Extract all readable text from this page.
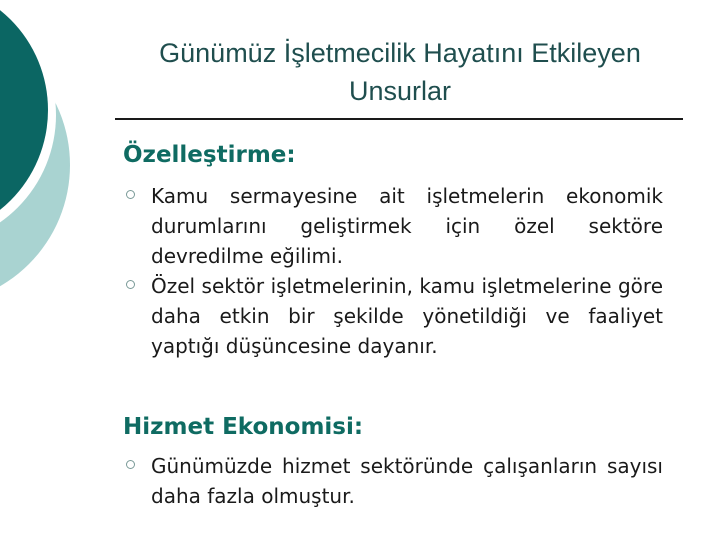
Günümüz İşletmecilik Hayatını Etkileyen Unsurlar
Özelleştirme:
Kamu sermayesine ait işletmelerin ekonomik durumlarını geliştirmek için özel sektöre devredilme eğilimi.
Özel sektör işletmelerinin, kamu işletmelerine göre daha etkin bir şekilde yönetildiği ve faaliyet yaptığı düşüncesine dayanır.
Hizmet Ekonomisi:
Günümüzde hizmet sektöründe çalışanların sayısı daha fazla olmuştur.
